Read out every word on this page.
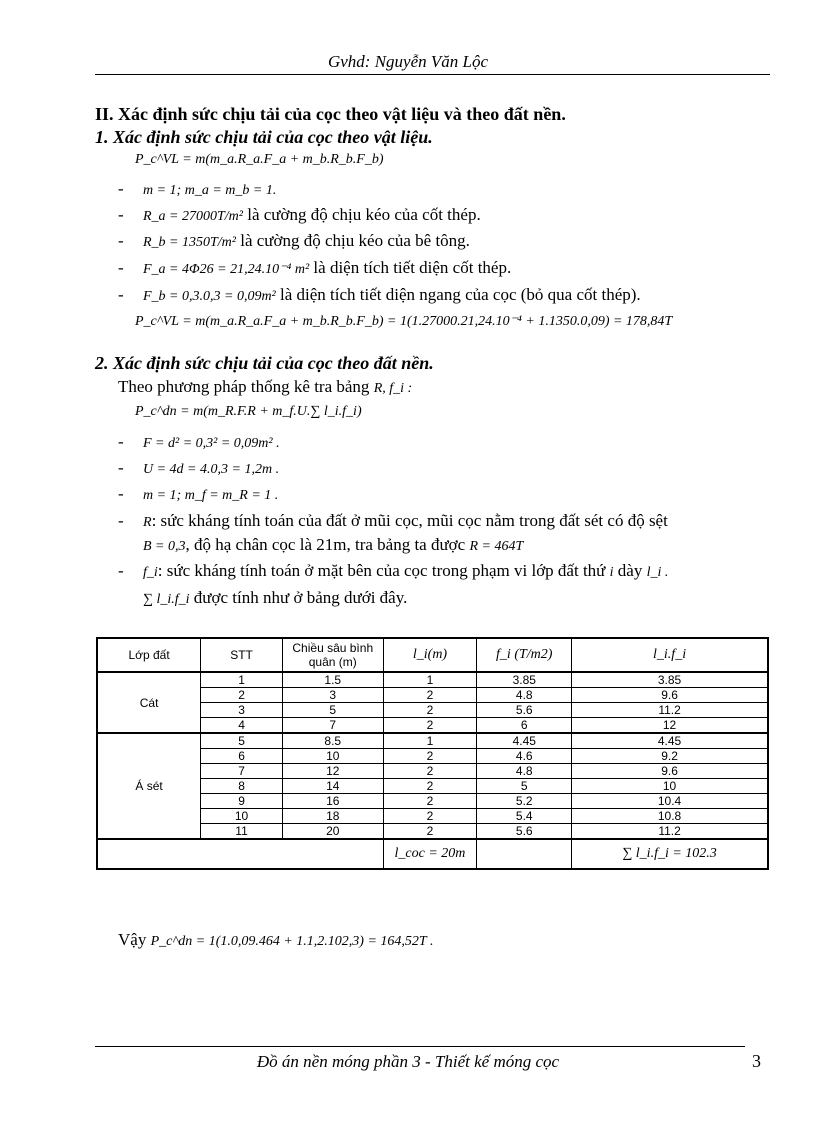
Gvhd: Nguyễn Văn Lộc
II. Xác định sức chịu tải của cọc theo vật liệu và theo đất nền.
1. Xác định sức chịu tải của cọc theo vật liệu.
P_c^VL = m(m_a.R_a.F_a + m_b.R_b.F_b)
- m = 1; m_a = m_b = 1.
- R_a = 27000T/m² là cường độ chịu kéo của cốt thép.
- R_b = 1350T/m² là cường độ chịu kéo của bê tông.
- F_a = 4Φ26 = 21,24.10⁻⁴ m² là diện tích tiết diện cốt thép.
- F_b = 0,3.0,3 = 0,09m² là diện tích tiết diện ngang của cọc (bỏ qua cốt thép).
P_c^VL = m(m_a.R_a.F_a + m_b.R_b.F_b) = 1(1.27000.21,24.10⁻⁴ + 1.1350.0,09) = 178,84T
2. Xác định sức chịu tải của cọc theo đất nền.
Theo phương pháp thống kê tra bảng R, f_i :
P_c^dn = m(m_R.F.R + m_f.U.∑ l_i.f_i)
- F = d² = 0,3² = 0,09m² .
- U = 4d = 4.0,3 = 1,2m .
- m = 1; m_f = m_R = 1 .
- R: sức kháng tính toán của đất ở mũi cọc, mũi cọc nằm trong đất sét có độ sệt
B = 0,3, độ hạ chân cọc là 21m, tra bảng ta được R = 464T
- f_i: sức kháng tính toán ở mặt bên của cọc trong phạm vi lớp đất thứ i dày l_i .
∑ l_i.f_i được tính như ở bảng dưới đây.
Lớp đất	STT	Chiều sâu bình quân (m)	l_i(m)	f_i (T/m2)	l_i.f_i
Cát	1	1.5	1	3.85	3.85
	2	3	2	4.8	9.6
	3	5	2	5.6	11.2
	4	7	2	6	12
Á sét	5	8.5	1	4.45	4.45
	6	10	2	4.6	9.2
	7	12	2	4.8	9.6
	8	14	2	5	10
	9	16	2	5.2	10.4
	10	18	2	5.4	10.8
	11	20	2	5.6	11.2
			l_coc = 20m		∑ l_i.f_i = 102.3
Vậy P_c^dn = 1(1.0,09.464 + 1.1,2.102,3) = 164,52T .
Đồ án nền móng phần 3 - Thiết kế móng cọc	3
